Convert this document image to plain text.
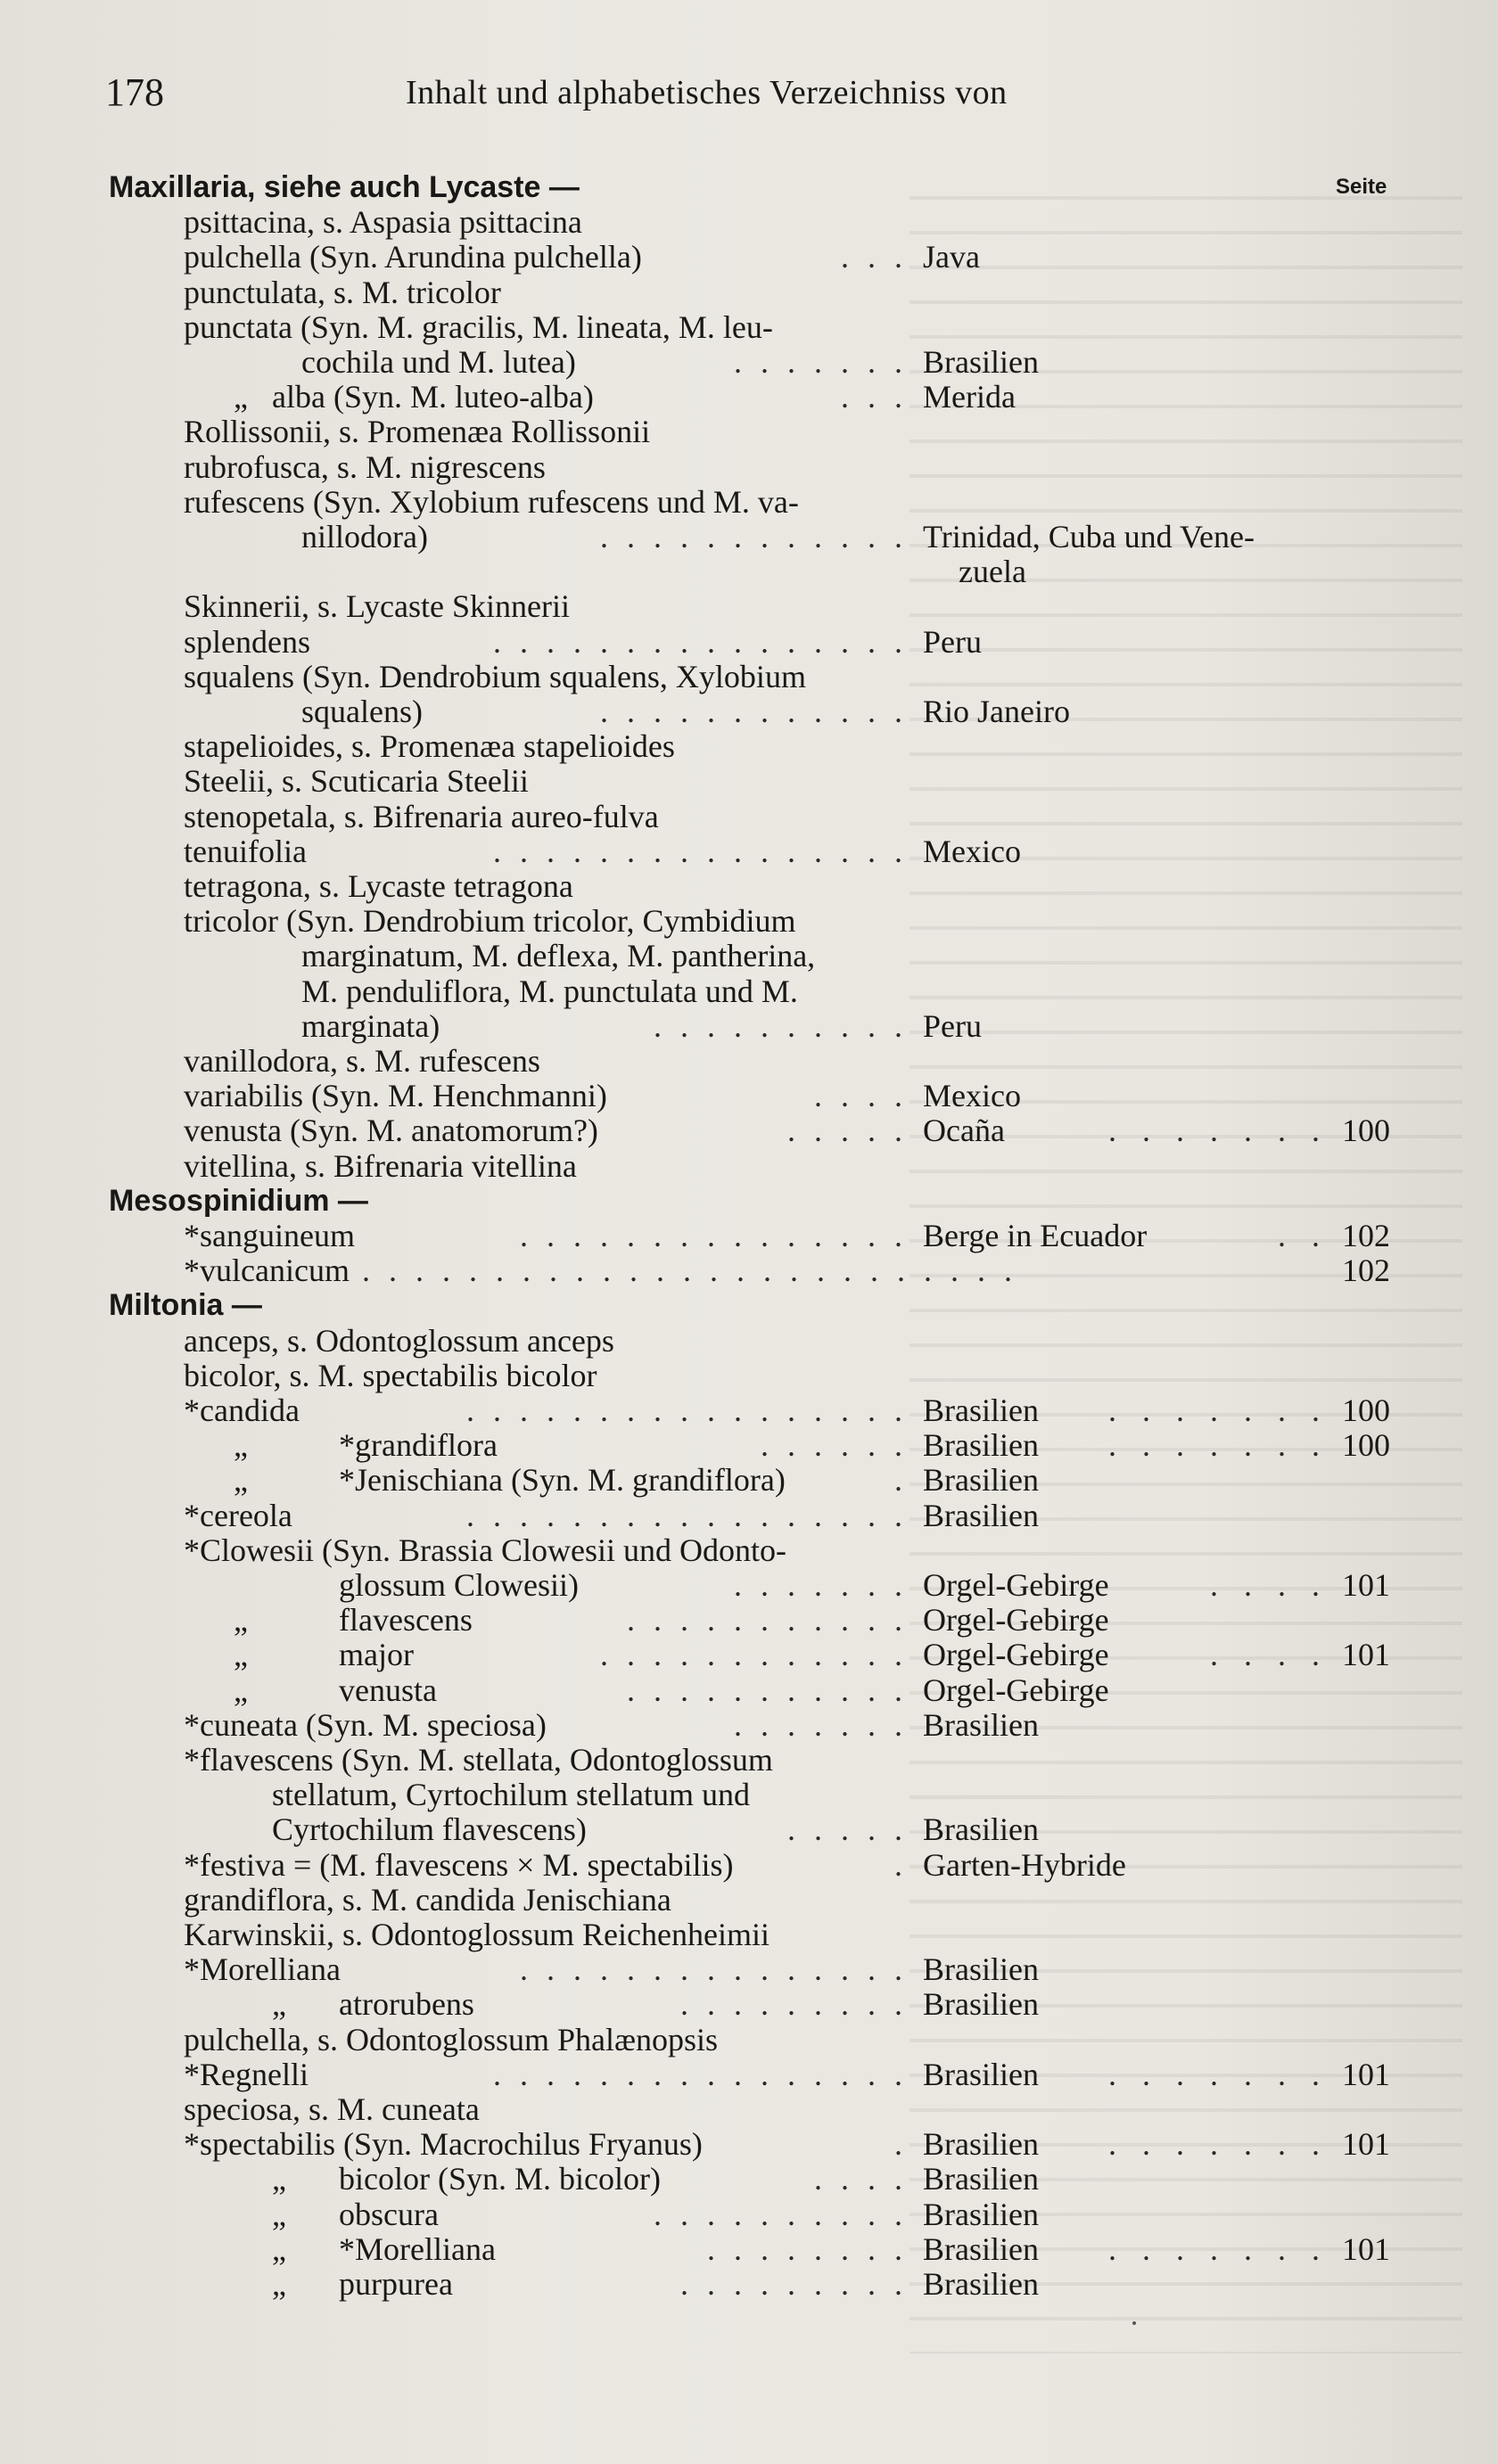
178	Inhalt und alphabetisches Verzeichniss von
Seite
Maxillaria, siehe auch Lycaste —
psittacina, s. Aspasia psittacina
pulchella (Syn. Arundina pulchella)	. . . Java
punctulata, s. M. tricolor
punctata (Syn. M. gracilis, M. lineata, M. leu-
cochila und M. lutea)	. . . . . . . Brasilien
„ alba (Syn. M. luteo-alba)	. . . Merida
Rollissonii, s. Promenæa Rollissonii
rubrofusca, s. M. nigrescens
rufescens (Syn. Xylobium rufescens und M. va-
nillodora)	. . . . . . . . . . . . Trinidad, Cuba und Vene-
zuela
Skinnerii, s. Lycaste Skinnerii
splendens	. . . . . . . . . . . . . . . . Peru
squalens (Syn. Dendrobium squalens, Xylobium
squalens)	. . . . . . . . . . . . Rio Janeiro
stapelioides, s. Promenæa stapelioides
Steelii, s. Scuticaria Steelii
stenopetala, s. Bifrenaria aureo-fulva
tenuifolia	. . . . . . . . . . . . . . . . Mexico
tetragona, s. Lycaste tetragona
tricolor (Syn. Dendrobium tricolor, Cymbidium
marginatum, M. deflexa, M. pantherina,
M. penduliflora, M. punctulata und M.
marginata)	. . . . . . . . . . Peru
vanillodora, s. M. rufescens
variabilis (Syn. M. Henchmanni)	. . . . Mexico
venusta (Syn. M. anatomorum?)	. . . . . Ocaña	. . . . . . . 100
vitellina, s. Bifrenaria vitellina
Mesospinidium —
*sanguineum	. . . . . . . . . . . . . . . Berge in Ecuador	. . 102
*vulcanicum . . . . . . . . . . . . . . . . . . . . . . . . .	102
Miltonia —
anceps, s. Odontoglossum anceps
bicolor, s. M. spectabilis bicolor
*candida	. . . . . . . . . . . . . . . . . Brasilien	. . . . . . . 100
„	*grandiflora	. . . . . . Brasilien	. . . . . . . 100
„	*Jenischiana (Syn. M. grandiflora)	. Brasilien
*cereola	. . . . . . . . . . . . . . . . . Brasilien
*Clowesii (Syn. Brassia Clowesii und Odonto-
glossum Clowesii)	. . . . . . . Orgel-Gebirge	. . . . 101
„	flavescens	. . . . . . . . . . . Orgel-Gebirge
„	major	. . . . . . . . . . . . Orgel-Gebirge	. . . . 101
„	venusta	. . . . . . . . . . . Orgel-Gebirge
*cuneata (Syn. M. speciosa)	. . . . . . . Brasilien
*flavescens (Syn. M. stellata, Odontoglossum
stellatum, Cyrtochilum stellatum und
Cyrtochilum flavescens)	. . . . . Brasilien
*festiva = (M. flavescens × M. spectabilis)	. Garten-Hybride
grandiflora, s. M. candida Jenischiana
Karwinskii, s. Odontoglossum Reichenheimii
*Morelliana	. . . . . . . . . . . . . . . Brasilien
„ atrorubens	. . . . . . . . . Brasilien
pulchella, s. Odontoglossum Phalænopsis
*Regnelli	. . . . . . . . . . . . . . . . Brasilien	. . . . . . . 101
speciosa, s. M. cuneata
*spectabilis (Syn. Macrochilus Fryanus)	. Brasilien	. . . . . . . 101
„ bicolor (Syn. M. bicolor)	. . . . Brasilien
„ obscura	. . . . . . . . . . Brasilien
„ *Morelliana	. . . . . . . . Brasilien	. . . . . . . 101
„ purpurea	. . . . . . . . . Brasilien
